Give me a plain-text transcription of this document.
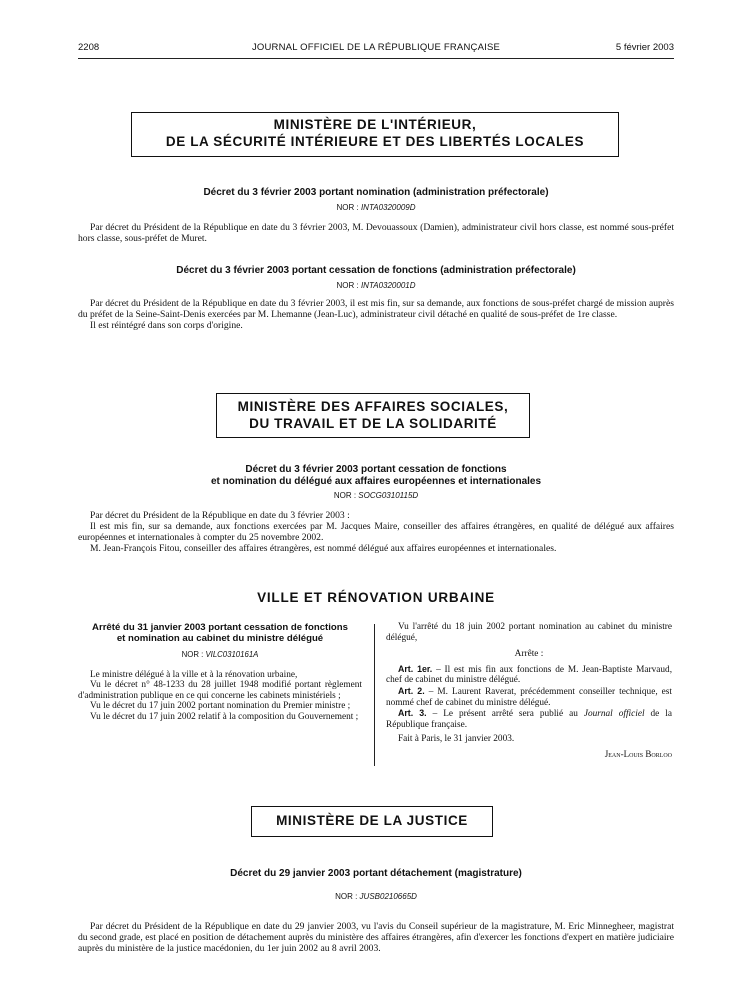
2208	JOURNAL OFFICIEL DE LA RÉPUBLIQUE FRANÇAISE	5 février 2003
MINISTÈRE DE L'INTÉRIEUR,
DE LA SÉCURITÉ INTÉRIEURE ET DES LIBERTÉS LOCALES
Décret du 3 février 2003 portant nomination (administration préfectorale)
NOR : INTA0320009D

Par décret du Président de la République en date du 3 février 2003, M. Devouassoux (Damien), administrateur civil hors classe, est nommé sous-préfet hors classe, sous-préfet de Muret.

Décret du 3 février 2003 portant cessation de fonctions (administration préfectorale)
NOR : INTA0320001D

Par décret du Président de la République en date du 3 février 2003, il est mis fin, sur sa demande, aux fonctions de sous-préfet chargé de mission auprès du préfet de la Seine-Saint-Denis exercées par M. Lhemanne (Jean-Luc), administrateur civil détaché en qualité de sous-préfet de 1re classe.

Il est réintégré dans son corps d'origine.

MINISTÈRE DES AFFAIRES SOCIALES,
DU TRAVAIL ET DE LA SOLIDARITÉ
Décret du 3 février 2003 portant cessation de fonctions
et nomination du délégué aux affaires européennes et internationales
NOR : SOCG0310115D

Par décret du Président de la République en date du 3 février 2003 :

Il est mis fin, sur sa demande, aux fonctions exercées par M. Jacques Maire, conseiller des affaires étrangères, en qualité de délégué aux affaires européennes et internationales à compter du 25 novembre 2002.

M. Jean-François Fitou, conseiller des affaires étrangères, est nommé délégué aux affaires européennes et internationales.

VILLE ET RÉNOVATION URBAINE
Arrêté du 31 janvier 2003 portant cessation de fonctions
et nomination au cabinet du ministre délégué
NOR : VILC0310161A

Le ministre délégué à la ville et à la rénovation urbaine,

Vu le décret n° 48-1233 du 28 juillet 1948 modifié portant règlement d'administration publique en ce qui concerne les cabinets ministériels ;

Vu le décret du 17 juin 2002 portant nomination du Premier ministre ;

Vu le décret du 17 juin 2002 relatif à la composition du Gouvernement ;

Vu l'arrêté du 18 juin 2002 portant nomination au cabinet du ministre délégué,

Arrête :

Art. 1er. – Il est mis fin aux fonctions de M. Jean-Baptiste Marvaud, chef de cabinet du ministre délégué.

Art. 2. – M. Laurent Raverat, précédemment conseiller technique, est nommé chef de cabinet du ministre délégué.

Art. 3. – Le présent arrêté sera publié au Journal officiel de la République française.

Fait à Paris, le 31 janvier 2003.

Jean-Louis Borloo

MINISTÈRE DE LA JUSTICE
Décret du 29 janvier 2003 portant détachement (magistrature)
NOR : JUSB0210665D

Par décret du Président de la République en date du 29 janvier 2003, vu l'avis du Conseil supérieur de la magistrature, M. Eric Minnegheer, magistrat du second grade, est placé en position de détachement auprès du ministère des affaires étrangères, afin d'exercer les fonctions d'expert en matière judiciaire auprès du ministère de la justice macédonien, du 1er juin 2002 au 8 avril 2003.
